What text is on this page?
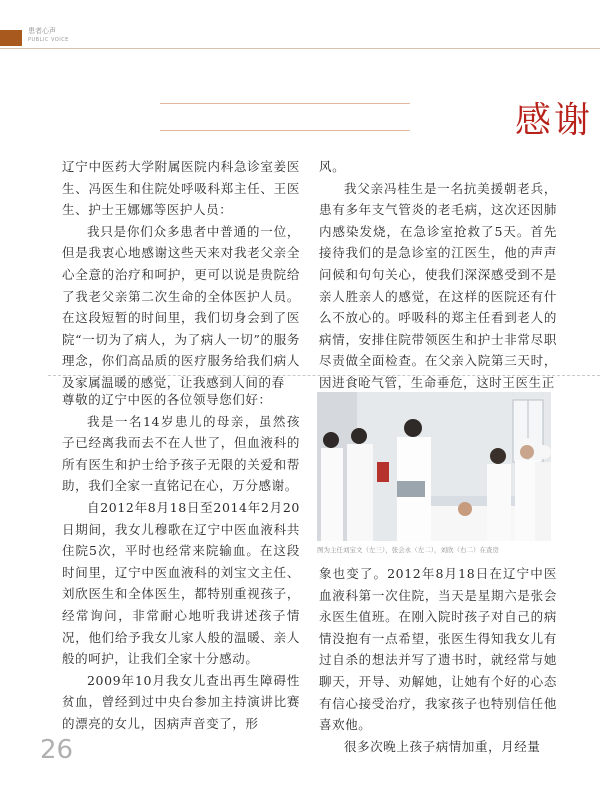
患者心声
PUBLIC VOICE
感谢

辽宁中医药大学附属医院内科急诊室姜医生、冯医生和住院处呼吸科郑主任、王医生、护士王娜娜等医护人员：

我只是你们众多患者中普通的一位，但是我衷心地感谢这些天来对我老父亲全心全意的治疗和呵护，更可以说是贵院给了我老父亲第二次生命的全体医护人员。在这段短暂的时间里，我们切身会到了医院“一切为了病人，为了病人一切”的服务理念，你们高品质的医疗服务给我们病人及家属温暖的感觉，让我感到人间的春

风。

我父亲冯桂生是一名抗美援朝老兵，患有多年支气管炎的老毛病，这次还因肺内感染发烧，在急诊室抢救了5天。首先接待我们的是急诊室的江医生，他的声声问候和句句关心，使我们深深感受到不是亲人胜亲人的感觉，在这样的医院还有什么不放心的。呼吸科的郑主任看到老人的病情，安排住院带领医生和护士非常尽职尽责做全面检查。在父亲入院第三天时，因进食呛气管，生命垂危，这时王医生正

尊敬的辽宁中医的各位领导您们好：

我是一名14岁患儿的母亲，虽然孩子已经离我而去不在人世了，但血液科的所有医生和护士给予孩子无限的关爱和帮助，我们全家一直铭记在心，万分感谢。

自2012年8月18日至2014年2月20日期间，我女儿穆歌在辽宁中医血液科共住院5次，平时也经常来院输血。在这段时间里，辽宁中医血液科的刘宝文主任、刘欣医生和全体医生，都特别重视孩子，经常询问，非常耐心地听我讲述孩子情况，他们给予我女儿家人般的温暖、亲人般的呵护，让我们全家十分感动。

2009年10月我女儿查出再生障碍性贫血，曾经到过中央台参加主持演讲比赛的漂亮的女儿，因病声音变了，形

图为主任刘宝文（左三），张会永（左二），刘欣（右二）在查房

象也变了。2012年8月18日在辽宁中医血液科第一次住院，当天是星期六是张会永医生值班。在刚入院时孩子对自己的病情没抱有一点希望，张医生得知我女儿有过自杀的想法并写了遗书时，就经常与她聊天，开导、劝解她，让她有个好的心态有信心接受治疗，我家孩子也特别信任他喜欢他。

很多次晚上孩子病情加重，月经量

26
